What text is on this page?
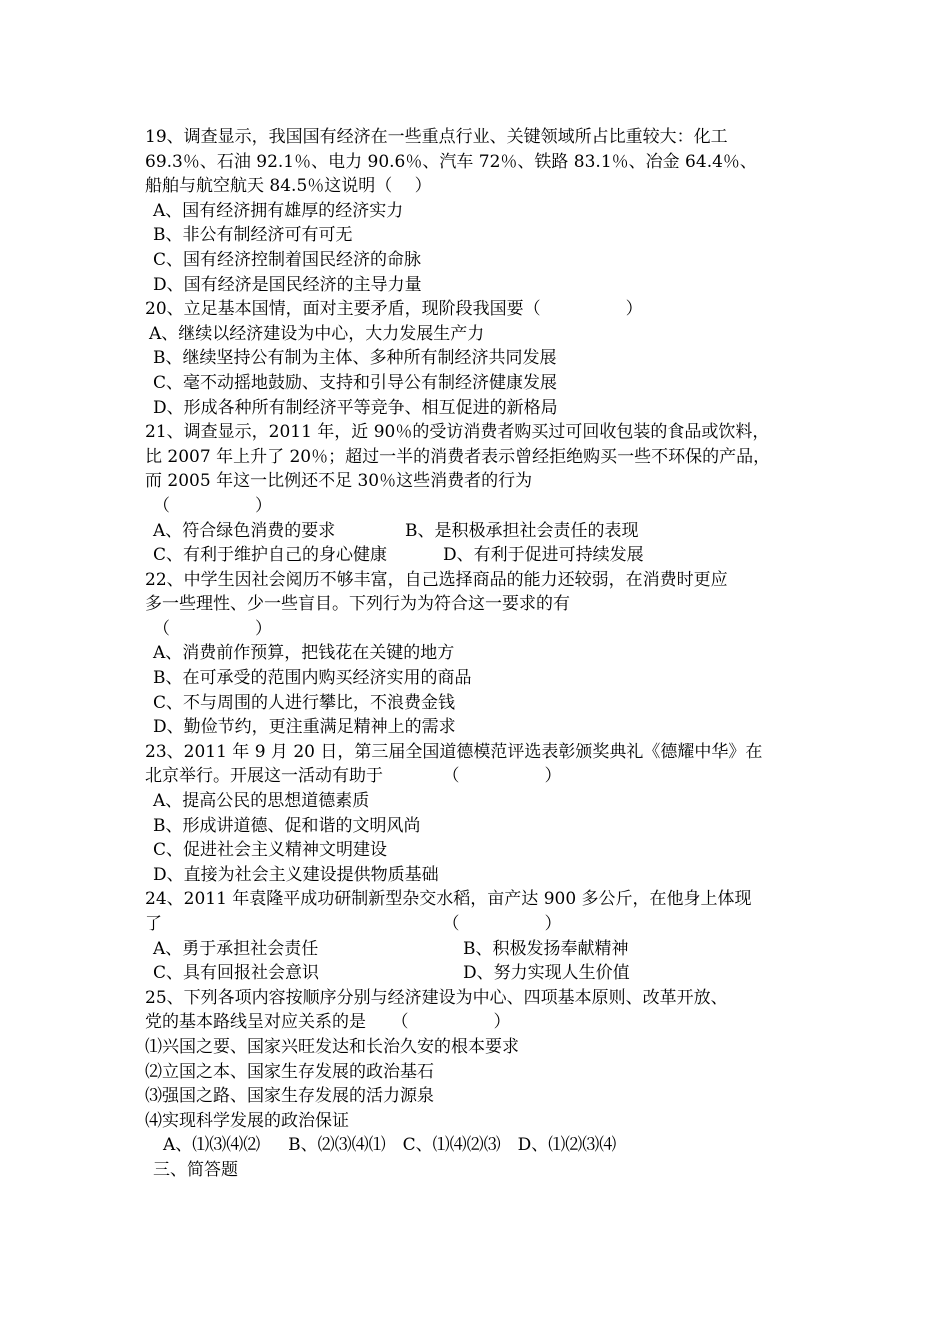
19、调查显示，我国国有经济在一些重点行业、关键领域所占比重较大：化工
69.3％、石油 92.1％、电力 90.6％、汽车 72％、铁路 83.1％、冶金 64.4％、
船舶与航空航天 84.5％这说明（　 ）
A、国有经济拥有雄厚的经济实力
B、非公有制经济可有可无
C、国有经济控制着国民经济的命脉
D、国有经济是国民经济的主导力量
20、立足基本国情，面对主要矛盾，现阶段我国要（　　　　　）
A、继续以经济建设为中心，大力发展生产力
B、继续坚持公有制为主体、多种所有制经济共同发展
C、毫不动摇地鼓励、支持和引导公有制经济健康发展
D、形成各种所有制经济平等竞争、相互促进的新格局
21、调查显示，2011 年，近 90％的受访消费者购买过可回收包装的食品或饮料，
比 2007 年上升了 20％；超过一半的消费者表示曾经拒绝购买一些不环保的产品，
而 2005 年这一比例还不足 30％这些消费者的行为
（　　　　　）
A、符合绿色消费的要求	B、是积极承担社会责任的表现
C、有利于维护自己的身心健康	D、有利于促进可持续发展
22、中学生因社会阅历不够丰富，自己选择商品的能力还较弱，在消费时更应
多一些理性、少一些盲目。下列行为为符合这一要求的有
（　　　　　）
A、消费前作预算，把钱花在关键的地方
B、在可承受的范围内购买经济实用的商品
C、不与周围的人进行攀比，不浪费金钱
D、勤俭节约，更注重满足精神上的需求
23、2011 年 9 月 20 日，第三届全国道德模范评选表彰颁奖典礼《德耀中华》在
北京举行。开展这一活动有助于　　　　（　　　　　）
A、提高公民的思想道德素质
B、形成讲道德、促和谐的文明风尚
C、促进社会主义精神文明建设
D、直接为社会主义建设提供物质基础
24、2011 年袁隆平成功研制新型杂交水稻，亩产达 900 多公斤，在他身上体现
了　　　　　　　　　　　　　　　　　（　　　　　）
A、勇于承担社会责任	B、积极发扬奉献精神
C、具有回报社会意识	D、努力实现人生价值
25、下列各项内容按顺序分别与经济建设为中心、四项基本原则、改革开放、
党的基本路线呈对应关系的是　　（　　　　　）
⑴兴国之要、国家兴旺发达和长治久安的根本要求
⑵立国之本、国家生存发展的政治基石
⑶强国之路、国家生存发展的活力源泉
⑷实现科学发展的政治保证
A、⑴⑶⑷⑵　  B、⑵⑶⑷⑴　C、⑴⑷⑵⑶　D、⑴⑵⑶⑷
三、简答题
